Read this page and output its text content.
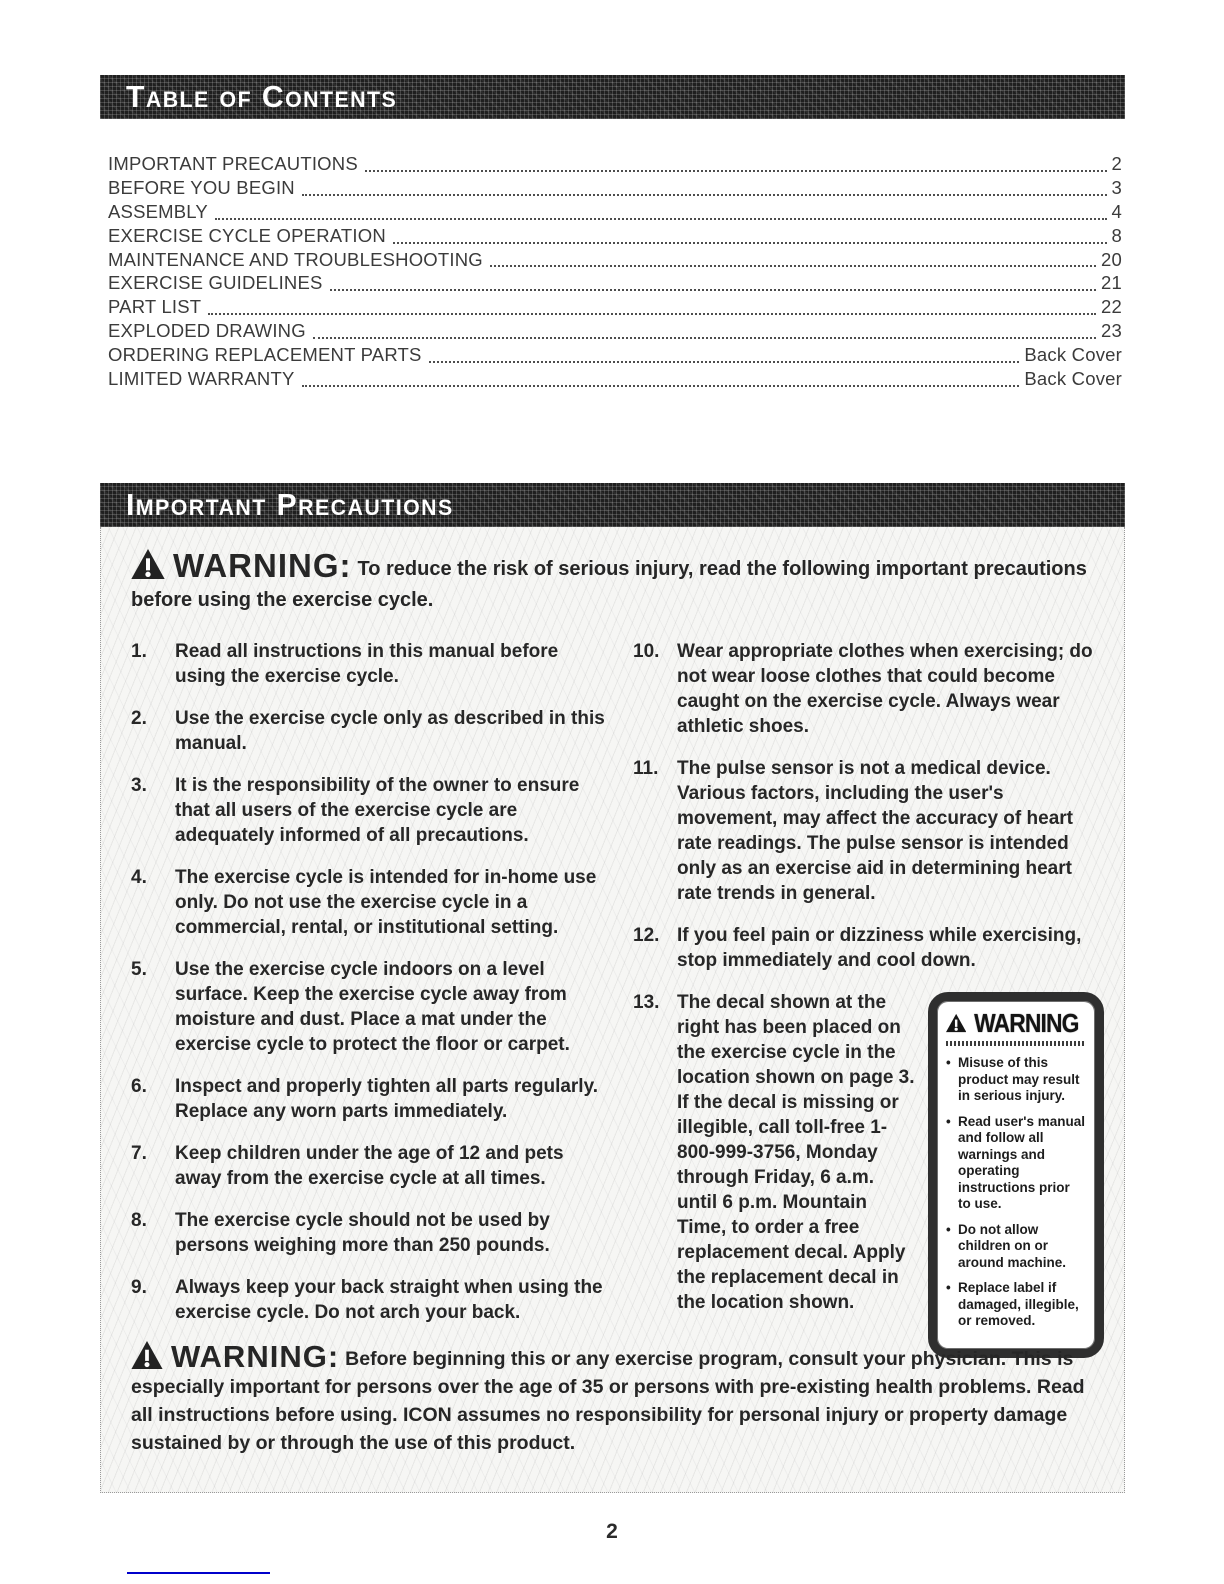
Table of Contents
IMPORTANT PRECAUTIONS	2
BEFORE YOU BEGIN	3
ASSEMBLY	4
EXERCISE CYCLE OPERATION	8
MAINTENANCE AND TROUBLESHOOTING	20
EXERCISE GUIDELINES	21
PART LIST	22
EXPLODED DRAWING	23
ORDERING REPLACEMENT PARTS	Back Cover
LIMITED WARRANTY	Back Cover
Important Precautions

WARNING: To reduce the risk of serious injury, read the following important precautions before using the exercise cycle.

1.	Read all instructions in this manual before using the exercise cycle.
2.	Use the exercise cycle only as described in this manual.
3.	It is the responsibility of the owner to ensure that all users of the exercise cycle are adequately informed of all precautions.
4.	The exercise cycle is intended for in-home use only. Do not use the exercise cycle in a commercial, rental, or institutional setting.
5.	Use the exercise cycle indoors on a level surface. Keep the exercise cycle away from moisture and dust. Place a mat under the exercise cycle to protect the floor or carpet.
6.	Inspect and properly tighten all parts regularly. Replace any worn parts immediately.
7.	Keep children under the age of 12 and pets away from the exercise cycle at all times.
8.	The exercise cycle should not be used by persons weighing more than 250 pounds.
9.	Always keep your back straight when using the exercise cycle. Do not arch your back.
10. Wear appropriate clothes when exercising; do not wear loose clothes that could become caught on the exercise cycle. Always wear athletic shoes.
11. The pulse sensor is not a medical device. Various factors, including the user's movement, may affect the accuracy of heart rate readings. The pulse sensor is intended only as an exercise aid in determining heart rate trends in general.
12. If you feel pain or dizziness while exercising, stop immediately and cool down.
13. The decal shown at the right has been placed on the exercise cycle in the location shown on page 3. If the decal is missing or illegible, call toll-free 1-800-999-3756, Monday through Friday, 6 a.m. until 6 p.m. Mountain Time, to order a free replacement decal. Apply the replacement decal in the location shown.
WARNING
• Misuse of this product may result in serious injury.
• Read user's manual and follow all warnings and operating instructions prior to use.
• Do not allow children on or around machine.
• Replace label if damaged, illegible, or removed.

WARNING: Before beginning this or any exercise program, consult your physician. This is especially important for persons over the age of 35 or persons with pre-existing health problems. Read all instructions before using. ICON assumes no responsibility for personal injury or property damage sustained by or through the use of this product.

2
